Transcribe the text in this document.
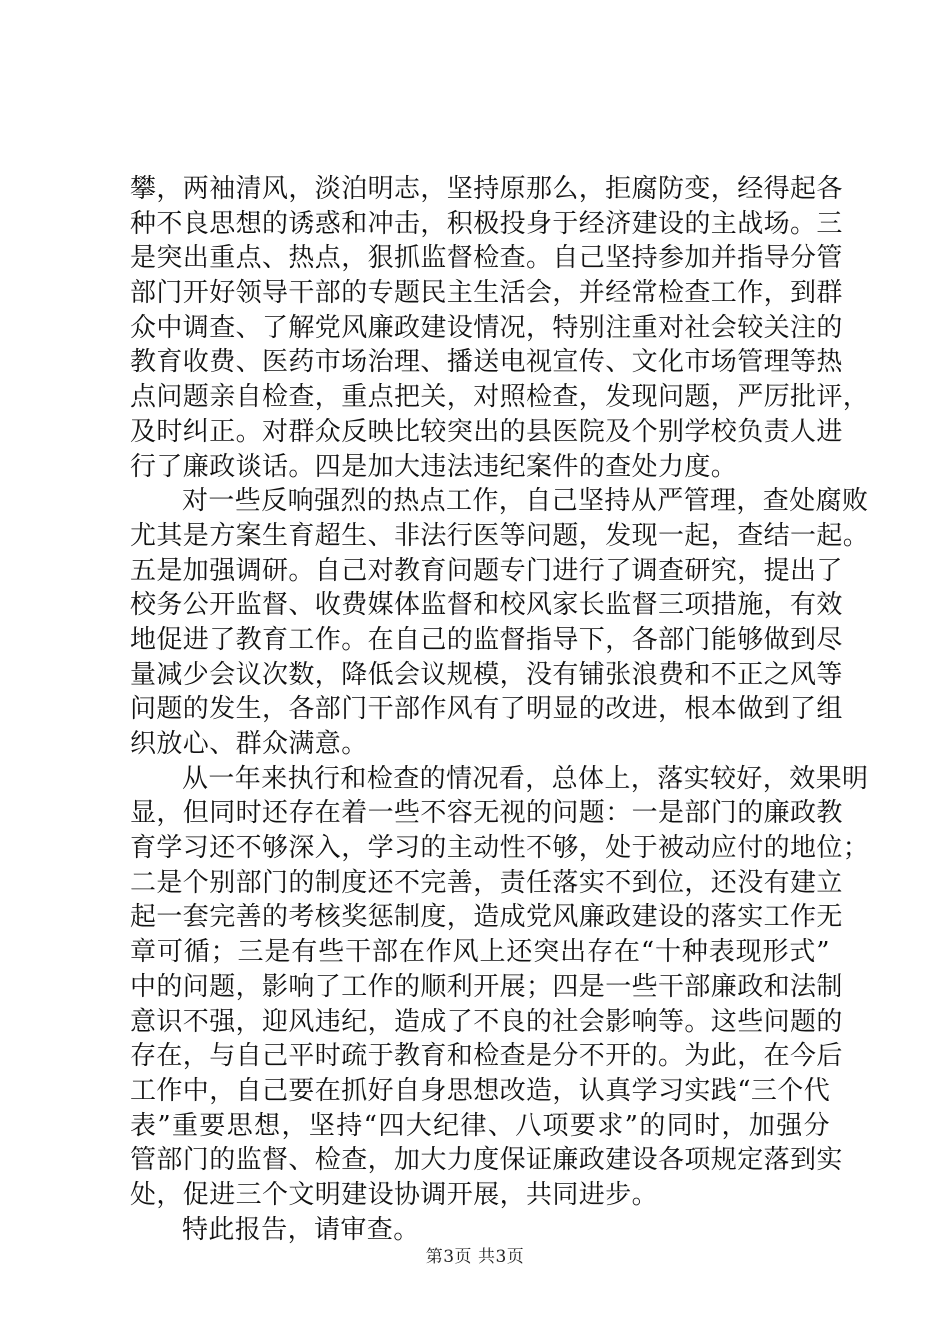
攀，两袖清风，淡泊明志，坚持原那么，拒腐防变，经得起各
种不良思想的诱惑和冲击，积极投身于经济建设的主战场。三
是突出重点、热点，狠抓监督检查。自己坚持参加并指导分管
部门开好领导干部的专题民主生活会，并经常检查工作，到群
众中调查、了解党风廉政建设情况，特别注重对社会较关注的
教育收费、医药市场治理、播送电视宣传、文化市场管理等热
点问题亲自检查，重点把关，对照检查，发现问题，严厉批评，
及时纠正。对群众反映比较突出的县医院及个别学校负责人进
行了廉政谈话。四是加大违法违纪案件的查处力度。
对一些反响强烈的热点工作，自己坚持从严管理，查处腐败
尤其是方案生育超生、非法行医等问题，发现一起，查结一起。
五是加强调研。自己对教育问题专门进行了调查研究，提出了
校务公开监督、收费媒体监督和校风家长监督三项措施，有效
地促进了教育工作。在自己的监督指导下，各部门能够做到尽
量减少会议次数，降低会议规模，没有铺张浪费和不正之风等
问题的发生，各部门干部作风有了明显的改进，根本做到了组
织放心、群众满意。
从一年来执行和检查的情况看，总体上，落实较好，效果明
显，但同时还存在着一些不容无视的问题：一是部门的廉政教
育学习还不够深入，学习的主动性不够，处于被动应付的地位；
二是个别部门的制度还不完善，责任落实不到位，还没有建立
起一套完善的考核奖惩制度，造成党风廉政建设的落实工作无
章可循；三是有些干部在作风上还突出存在“十种表现形式”
中的问题，影响了工作的顺利开展；四是一些干部廉政和法制
意识不强，迎风违纪，造成了不良的社会影响等。这些问题的
存在，与自己平时疏于教育和检查是分不开的。为此，在今后
工作中，自己要在抓好自身思想改造，认真学习实践“三个代
表”重要思想，坚持“四大纪律、八项要求”的同时，加强分
管部门的监督、检查，加大力度保证廉政建设各项规定落到实
处，促进三个文明建设协调开展，共同进步。
特此报告，请审查。
第3页 共3页
